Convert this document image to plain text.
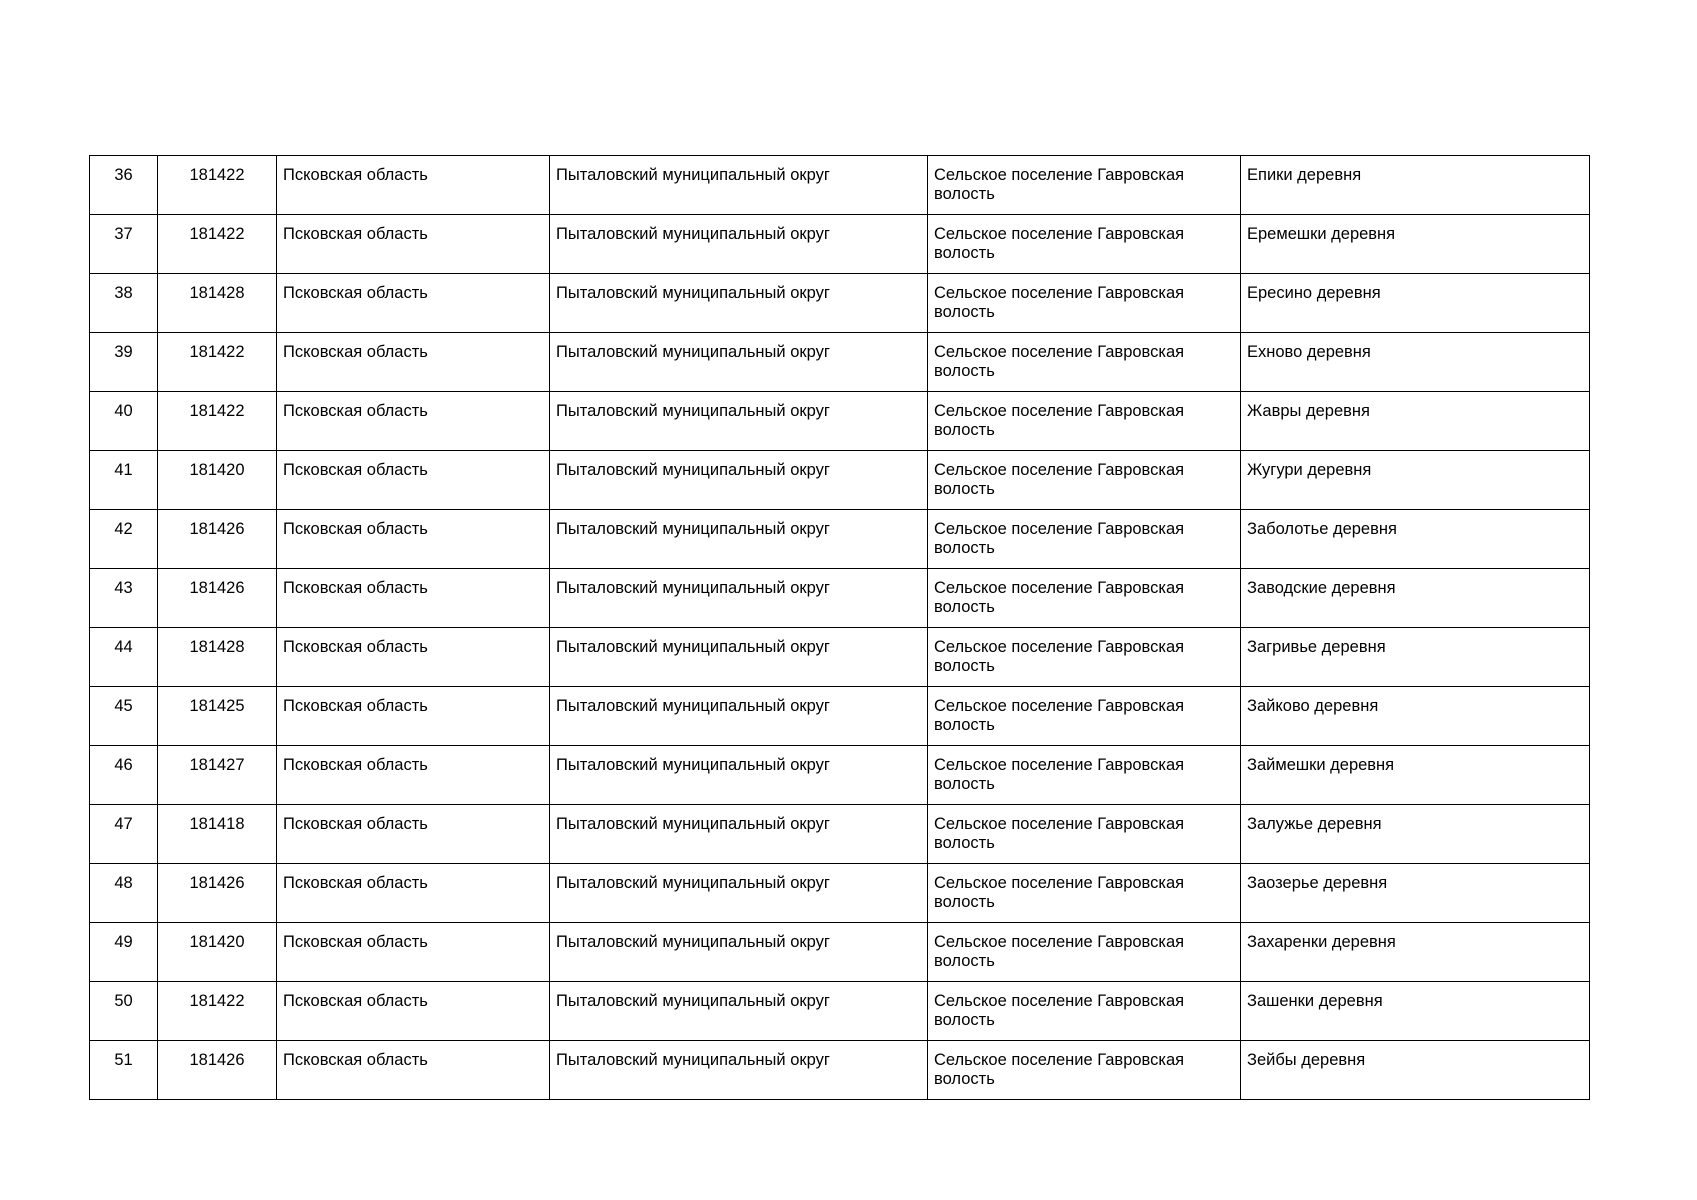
36	181422	Псковская область	Пыталовский муниципальный округ	Сельское поселение Гавровская волость	Епики деревня
37	181422	Псковская область	Пыталовский муниципальный округ	Сельское поселение Гавровская волость	Еремешки деревня
38	181428	Псковская область	Пыталовский муниципальный округ	Сельское поселение Гавровская волость	Ересино деревня
39	181422	Псковская область	Пыталовский муниципальный округ	Сельское поселение Гавровская волость	Ехново деревня
40	181422	Псковская область	Пыталовский муниципальный округ	Сельское поселение Гавровская волость	Жавры деревня
41	181420	Псковская область	Пыталовский муниципальный округ	Сельское поселение Гавровская волость	Жугури деревня
42	181426	Псковская область	Пыталовский муниципальный округ	Сельское поселение Гавровская волость	Заболотье деревня
43	181426	Псковская область	Пыталовский муниципальный округ	Сельское поселение Гавровская волость	Заводские деревня
44	181428	Псковская область	Пыталовский муниципальный округ	Сельское поселение Гавровская волость	Загривье деревня
45	181425	Псковская область	Пыталовский муниципальный округ	Сельское поселение Гавровская волость	Зайково деревня
46	181427	Псковская область	Пыталовский муниципальный округ	Сельское поселение Гавровская волость	Займешки деревня
47	181418	Псковская область	Пыталовский муниципальный округ	Сельское поселение Гавровская волость	Залужье деревня
48	181426	Псковская область	Пыталовский муниципальный округ	Сельское поселение Гавровская волость	Заозерье деревня
49	181420	Псковская область	Пыталовский муниципальный округ	Сельское поселение Гавровская волость	Захаренки деревня
50	181422	Псковская область	Пыталовский муниципальный округ	Сельское поселение Гавровская волость	Зашенки деревня
51	181426	Псковская область	Пыталовский муниципальный округ	Сельское поселение Гавровская волость	Зейбы деревня
